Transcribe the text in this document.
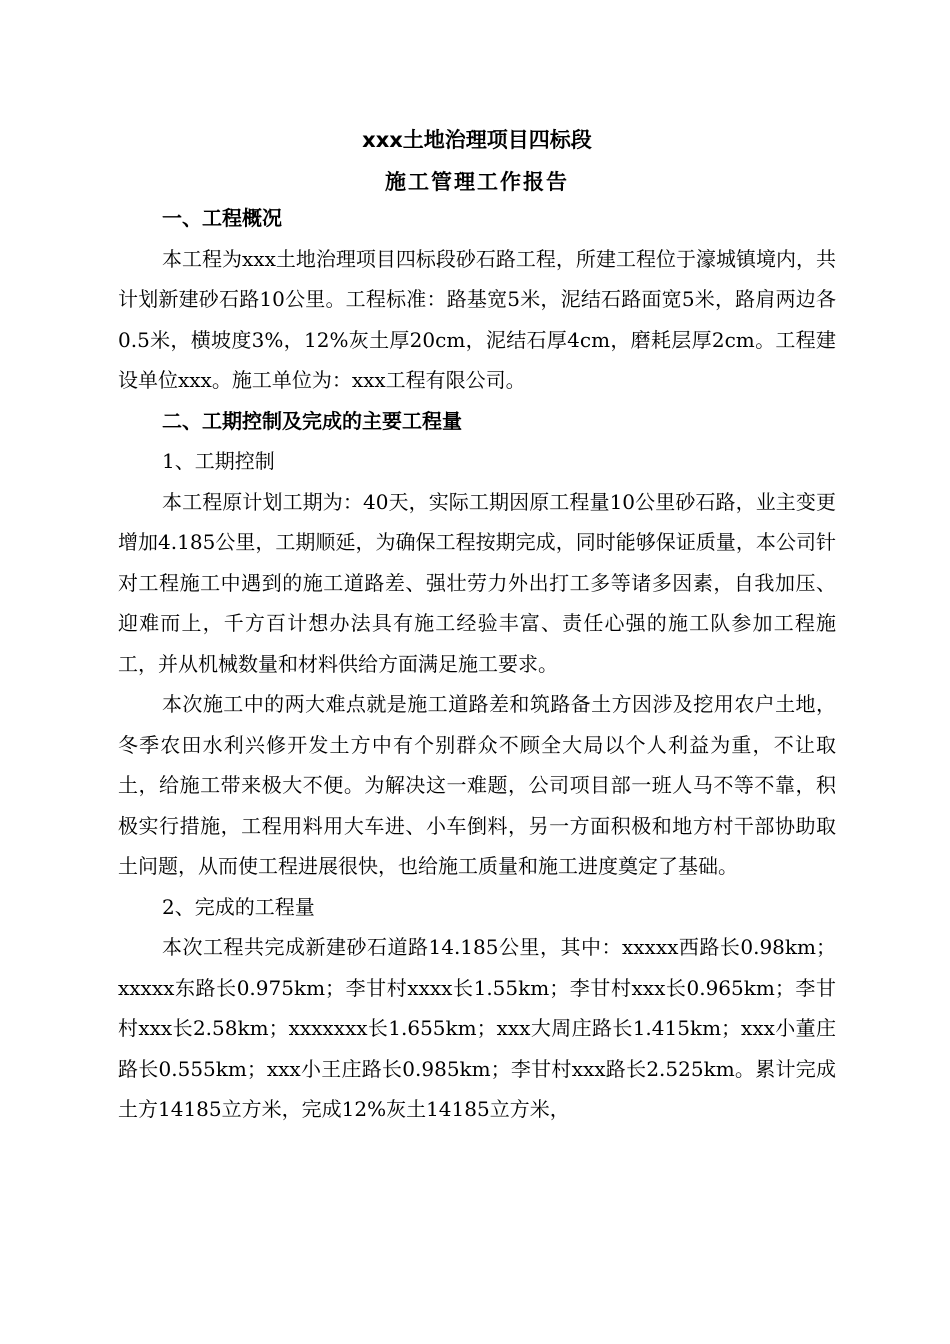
xxx土地治理项目四标段
施工管理工作报告
一、工程概况

本工程为xxx土地治理项目四标段砂石路工程，所建工程位于濠城镇境内，共计划新建砂石路10公里。工程标准：路基宽5米，泥结石路面宽5米，路肩两边各0.5米，横坡度3%，12%灰土厚20cm，泥结石厚4cm，磨耗层厚2cm。工程建设单位xxx。施工单位为：xxx工程有限公司。

二、工期控制及完成的主要工程量

1、工期控制

本工程原计划工期为：40天，实际工期因原工程量10公里砂石路，业主变更增加4.185公里，工期顺延，为确保工程按期完成，同时能够保证质量，本公司针对工程施工中遇到的施工道路差、强壮劳力外出打工多等诸多因素，自我加压、迎难而上，千方百计想办法具有施工经验丰富、责任心强的施工队参加工程施工，并从机械数量和材料供给方面满足施工要求。

本次施工中的两大难点就是施工道路差和筑路备土方因涉及挖用农户土地，冬季农田水利兴修开发土方中有个别群众不顾全大局以个人利益为重，不让取土，给施工带来极大不便。为解决这一难题，公司项目部一班人马不等不靠，积极实行措施，工程用料用大车进、小车倒料，另一方面积极和地方村干部协助取土问题，从而使工程进展很快，也给施工质量和施工进度奠定了基础。

2、完成的工程量

本次工程共完成新建砂石道路14.185公里，其中：xxxxx西路长0.98km；xxxxx东路长0.975km；李甘村xxxx长1.55km；李甘村xxx长0.965km；李甘村xxx长2.58km；xxxxxxx长1.655km；xxx大周庄路长1.415km；xxx小董庄路长0.555km；xxx小王庄路长0.985km；李甘村xxx路长2.525km。累计完成土方14185立方米，完成12%灰土14185立方米，
